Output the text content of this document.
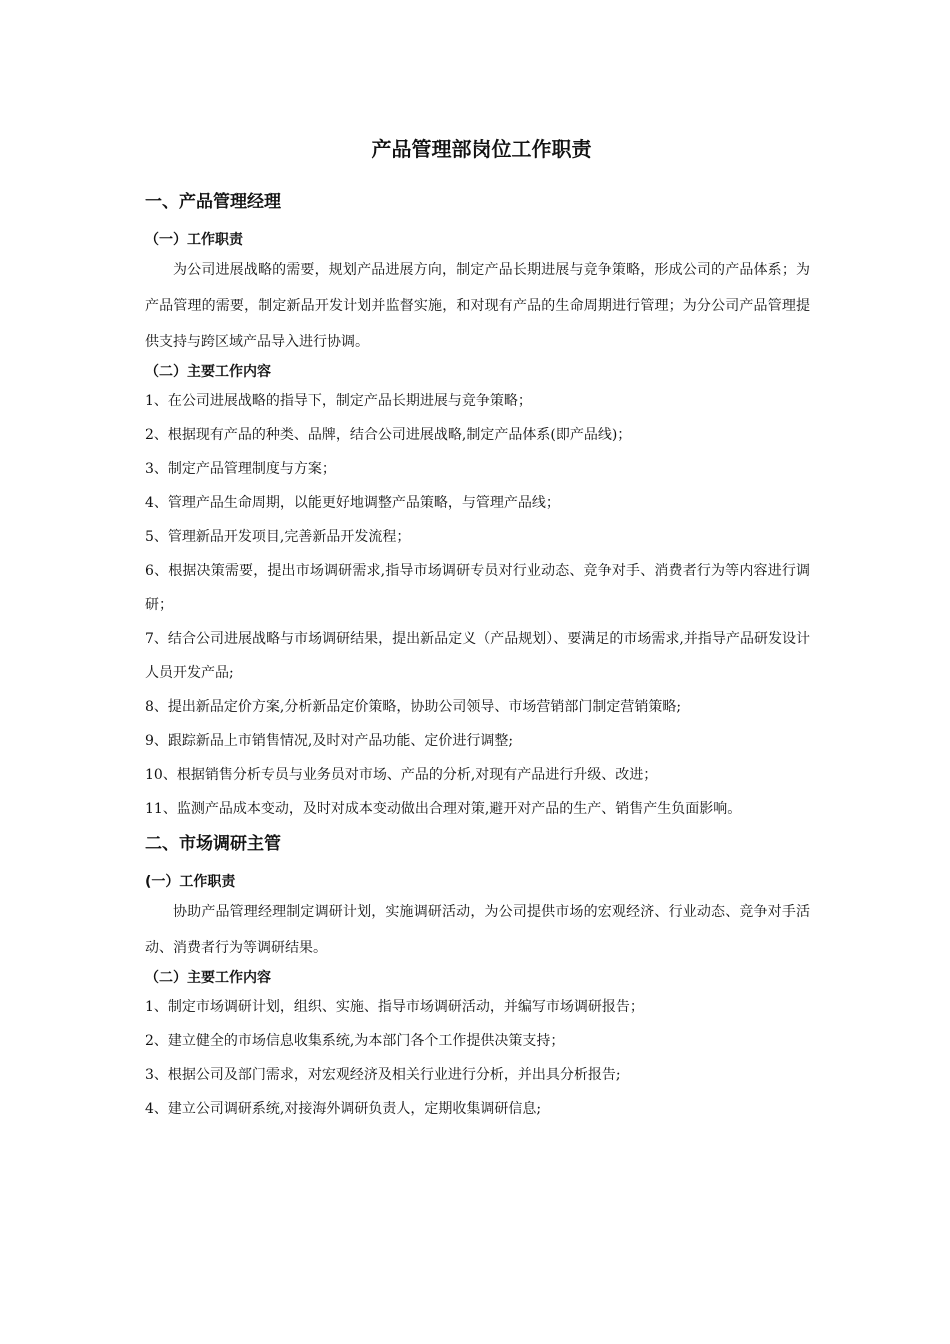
产品管理部岗位工作职责
一、产品管理经理
（一）工作职责

为公司进展战略的需要，规划产品进展方向，制定产品长期进展与竞争策略，形成公司的产品体系；为产品管理的需要，制定新品开发计划并监督实施，和对现有产品的生命周期进行管理；为分公司产品管理提供支持与跨区域产品导入进行协调。

（二）主要工作内容

1、在公司进展战略的指导下，制定产品长期进展与竞争策略；

2、根据现有产品的种类、品牌，结合公司进展战略,制定产品体系(即产品线)；

3、制定产品管理制度与方案；

4、管理产品生命周期，以能更好地调整产品策略，与管理产品线；

5、管理新品开发项目,完善新品开发流程；

6、根据决策需要，提出市场调研需求,指导市场调研专员对行业动态、竞争对手、消费者行为等内容进行调研；

7、结合公司进展战略与市场调研结果，提出新品定义（产品规划）、要满足的市场需求,并指导产品研发设计人员开发产品;

8、提出新品定价方案,分析新品定价策略，协助公司领导、市场营销部门制定营销策略;

9、跟踪新品上市销售情况,及时对产品功能、定价进行调整;

10、根据销售分析专员与业务员对市场、产品的分析,对现有产品进行升级、改进；

11、监测产品成本变动，及时对成本变动做出合理对策,避开对产品的生产、销售产生负面影响。

二、市场调研主管
(一）工作职责

协助产品管理经理制定调研计划，实施调研活动，为公司提供市场的宏观经济、行业动态、竞争对手活动、消费者行为等调研结果。

（二）主要工作内容

1、制定市场调研计划，组织、实施、指导市场调研活动，并编写市场调研报告；

2、建立健全的市场信息收集系统,为本部门各个工作提供决策支持；

3、根据公司及部门需求，对宏观经济及相关行业进行分析，并出具分析报告;

4、建立公司调研系统,对接海外调研负责人，定期收集调研信息;
